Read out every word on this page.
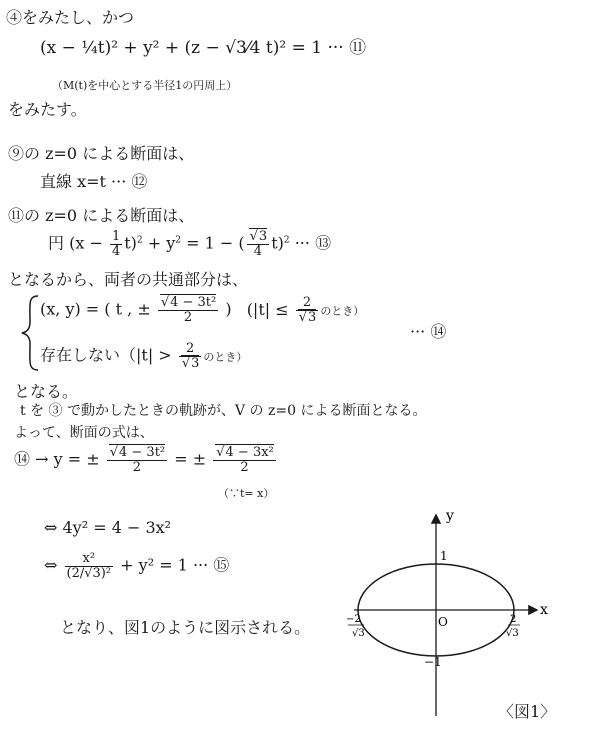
④をみたし、かつ
(x − ¼t)² + y² + (z − √3⁄4 t)² = 1 ··· ⑪
（M(t)を中心とする半径1の円周上）
をみたす。
⑨の z=0 による断面は、
直線 x=t ··· ⑫
⑪の z=0 による断面は、
円 $(x - \frac{1}{4} t)^2 + y^2 = 1$ − ( √ $\frac{3}{4} t)^2$ ··· ⑬
となるから、両者の共通部分は、
(x, y) = ( t , ± √ $\frac{\text{4 − 3t²}}{2}$ ) (|t| ≤ 2
√ 3 のとき）
··· ⑭
存在しない（|t| > 2
√ 3 のとき）
となる。
t を ③ で動かしたときの軌跡が、V の z=0 による断面となる。
よって、断面の式は、
⑭ → y = ± √ $\frac{\text{4 − 3t²}}{2}$ = ± √ $\frac{\text{4 − 3x²}}{2}$
（∵t= x）
⇔ 4y² = 4 − 3x²
⇔ $\frac{\text{x²}}{\text{(2/√3)²}} + y^2 = 1$ ··· ⑮
となり、図1のように図示される。
x
y
O
1
−1
2
√3
−2
√3
〈図1〉
